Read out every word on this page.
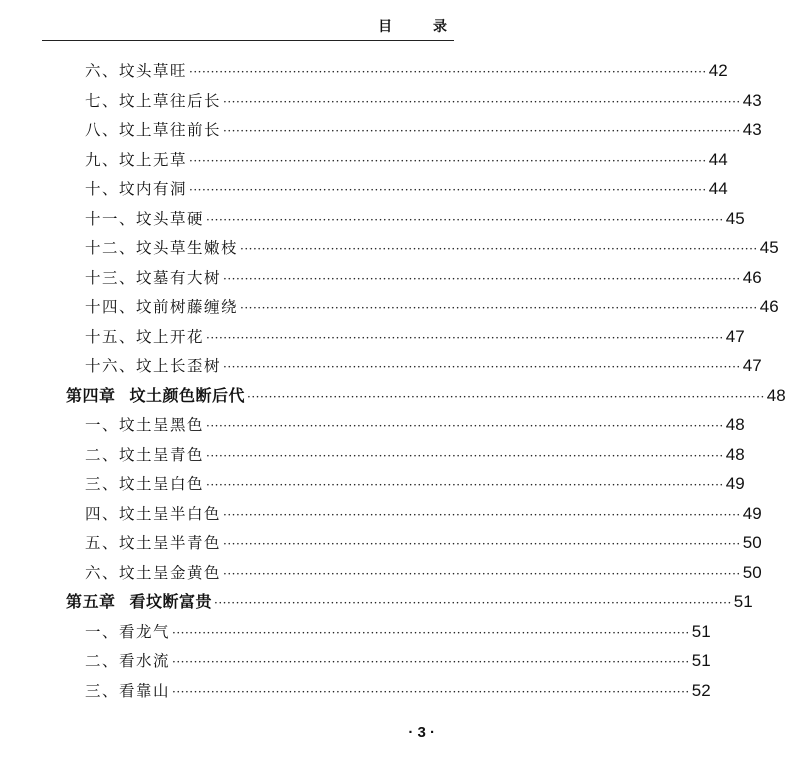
目 录
六、坟头草旺 ························································································································ 42
七、坟上草往后长 ························································································································ 43
八、坟上草往前长 ························································································································ 43
九、坟上无草 ························································································································ 44
十、坟内有洞 ························································································································ 44
十一、坟头草硬 ························································································································ 45
十二、坟头草生嫩枝 ························································································································ 45
十三、坟墓有大树 ························································································································ 46
十四、坟前树藤缠绕 ························································································································ 46
十五、坟上开花 ························································································································ 47
十六、坟上长歪树 ························································································································ 47
第四章 坟土颜色断后代 ························································································································ 48
一、坟土呈黑色 ························································································································ 48
二、坟土呈青色 ························································································································ 48
三、坟土呈白色 ························································································································ 49
四、坟土呈半白色 ························································································································ 49
五、坟土呈半青色 ························································································································ 50
六、坟土呈金黄色 ························································································································ 50
第五章 看坟断富贵 ························································································································ 51
一、看龙气 ························································································································ 51
二、看水流 ························································································································ 51
三、看靠山 ························································································································ 52
· 3 ·
